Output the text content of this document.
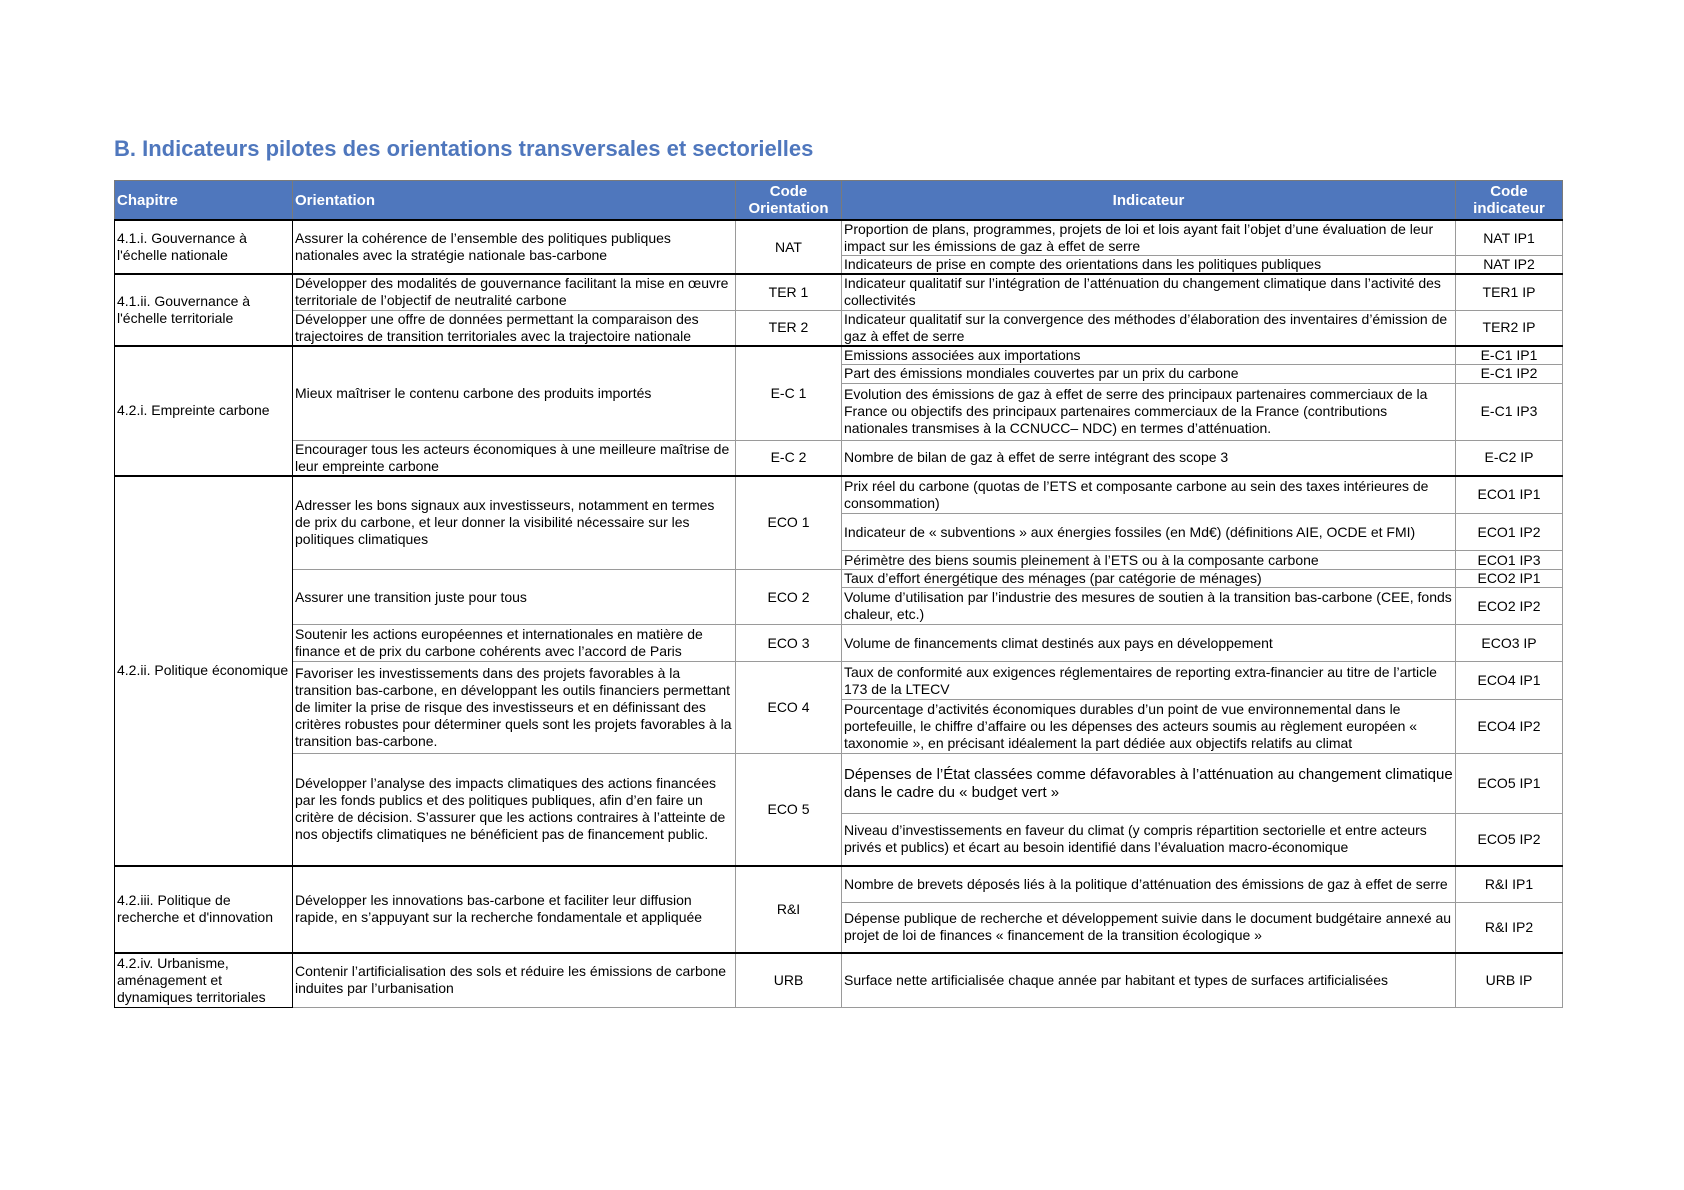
B. Indicateurs pilotes des orientations transversales et sectorielles
Chapitre	Orientation	Code Orientation	Indicateur	Code indicateur
4.1.i. Gouvernance à l'échelle nationale	Assurer la cohérence de l’ensemble des politiques publiques nationales avec la stratégie nationale bas-carbone	NAT	Proportion de plans, programmes, projets de loi et lois ayant fait l’objet d’une évaluation de leur impact sur les émissions de gaz à effet de serre	NAT IP1
			Indicateurs de prise en compte des orientations dans les politiques publiques	NAT IP2
4.1.ii. Gouvernance à l'échelle territoriale	Développer des modalités de gouvernance facilitant la mise en œuvre territoriale de l’objectif de neutralité carbone	TER 1	Indicateur qualitatif sur l’intégration de l’atténuation du changement climatique dans l’activité des collectivités	TER1 IP
	Développer une offre de données permettant la comparaison des trajectoires de transition territoriales avec la trajectoire nationale	TER 2	Indicateur qualitatif sur la convergence des méthodes d’élaboration des inventaires d’émission de gaz à effet de serre	TER2 IP
4.2.i. Empreinte carbone	Mieux maîtriser le contenu carbone des produits importés	E-C 1	Emissions associées aux importations	E-C1 IP1
			Part des émissions mondiales couvertes par un prix du carbone	E-C1 IP2
			Evolution des émissions de gaz à effet de serre des principaux partenaires commerciaux de la France ou objectifs des principaux partenaires commerciaux de la France (contributions nationales transmises à la CCNUCC– NDC) en termes d’atténuation.	E-C1 IP3
	Encourager tous les acteurs économiques à une meilleure maîtrise de leur empreinte carbone	E-C 2	Nombre de bilan de gaz à effet de serre intégrant des scope 3	E-C2 IP
4.2.ii. Politique économique	Adresser les bons signaux aux investisseurs, notamment en termes de prix du carbone, et leur donner la visibilité nécessaire sur les politiques climatiques	ECO 1	Prix réel du carbone (quotas de l’ETS et composante carbone au sein des taxes intérieures de consommation)	ECO1 IP1
			Indicateur de « subventions » aux énergies fossiles (en Md€) (définitions AIE, OCDE et FMI)	ECO1 IP2
			Périmètre des biens soumis pleinement à l’ETS ou à la composante carbone	ECO1 IP3
	Assurer une transition juste pour tous	ECO 2	Taux d’effort énergétique des ménages (par catégorie de ménages)	ECO2 IP1
			Volume d’utilisation par l’industrie des mesures de soutien à la transition bas-carbone (CEE, fonds chaleur, etc.)	ECO2 IP2
	Soutenir les actions européennes et internationales en matière de finance et de prix du carbone cohérents avec l’accord de Paris	ECO 3	Volume de financements climat destinés aux pays en développement	ECO3 IP
	Favoriser les investissements dans des projets favorables à la transition bas-carbone, en développant les outils financiers permettant de limiter la prise de risque des investisseurs et en définissant des critères robustes pour déterminer quels sont les projets favorables à la transition bas-carbone.	ECO 4	Taux de conformité aux exigences réglementaires de reporting extra-financier au titre de l’article 173 de la LTECV	ECO4 IP1
			Pourcentage d’activités économiques durables d’un point de vue environnemental dans le portefeuille, le chiffre d’affaire ou les dépenses des acteurs soumis au règlement européen « taxonomie », en précisant idéalement la part dédiée aux objectifs relatifs au climat	ECO4 IP2
	Développer l’analyse des impacts climatiques des actions financées par les fonds publics et des politiques publiques, afin d’en faire un critère de décision. S’assurer que les actions contraires à l’atteinte de nos objectifs climatiques ne bénéficient pas de financement public.	ECO 5	Dépenses de l’État classées comme défavorables à l’atténuation au changement climatique dans le cadre du « budget vert »	ECO5 IP1
			Niveau d’investissements en faveur du climat (y compris répartition sectorielle et entre acteurs privés et publics) et écart au besoin identifié dans l’évaluation macro-économique	ECO5 IP2
4.2.iii. Politique de recherche et d'innovation	Développer les innovations bas-carbone et faciliter leur diffusion rapide, en s’appuyant sur la recherche fondamentale et appliquée	R&I	Nombre de brevets déposés liés à la politique d’atténuation des émissions de gaz à effet de serre	R&I IP1
			Dépense publique de recherche et développement suivie dans le document budgétaire annexé au projet de loi de finances « financement de la transition écologique »	R&I IP2
4.2.iv. Urbanisme, aménagement et dynamiques territoriales	Contenir l’artificialisation des sols et réduire les émissions de carbone induites par l’urbanisation	URB	Surface nette artificialisée chaque année par habitant et types de surfaces artificialisées	URB IP
